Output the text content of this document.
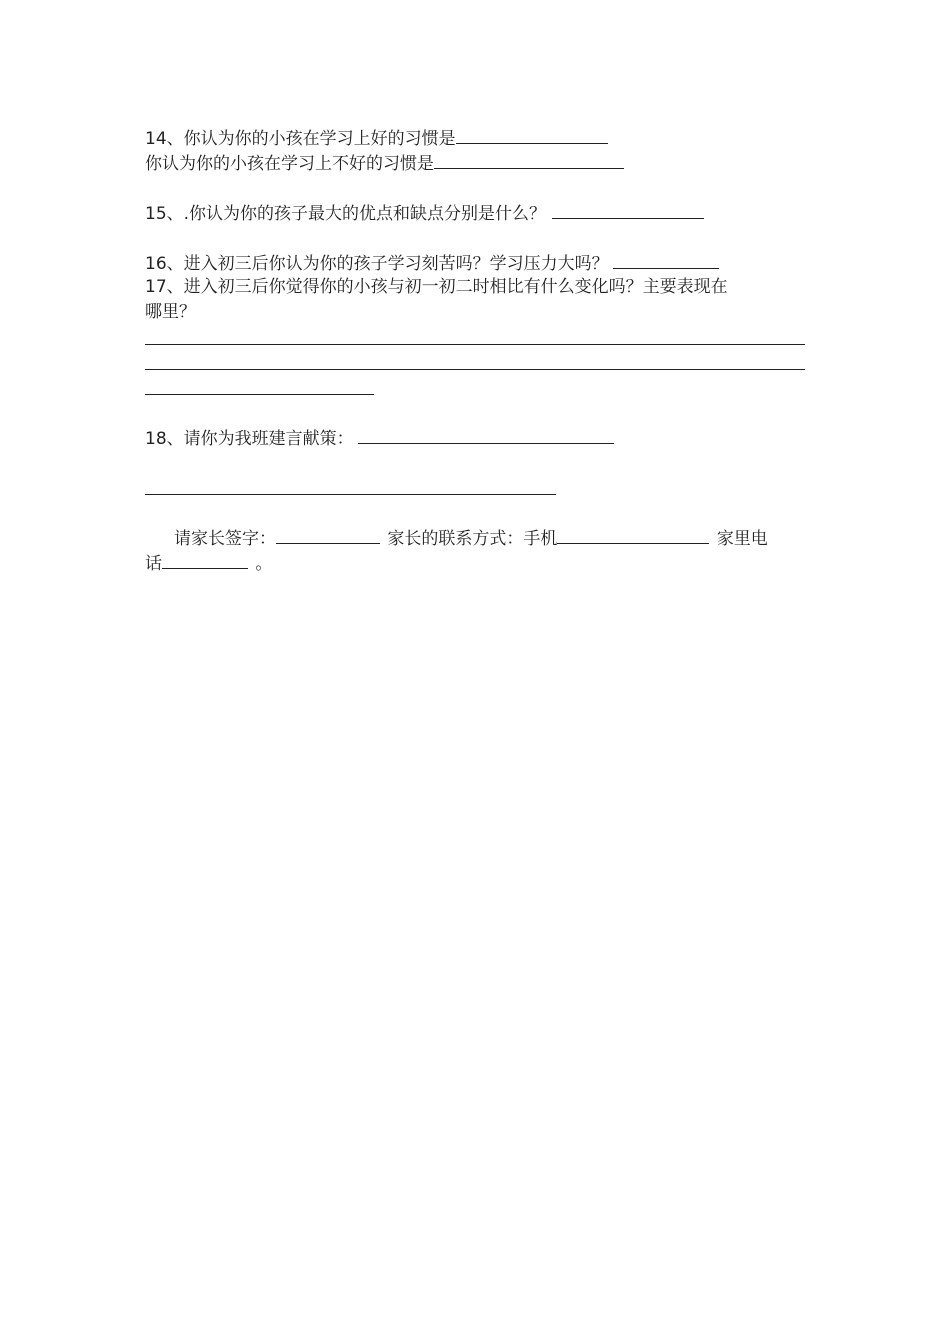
14、你认为你的小孩在学习上好的习惯是
你认为你的小孩在学习上不好的习惯是
15、.你认为你的孩子最大的优点和缺点分别是什么？
16、进入初三后你认为你的孩子学习刻苦吗？学习压力大吗？
17、进入初三后你觉得你的小孩与初一初二时相比有什么变化吗？主要表现在
哪里？
18、请你为我班建言献策：
请家长签字：	家长的联系方式：手机	家里电
话	。
